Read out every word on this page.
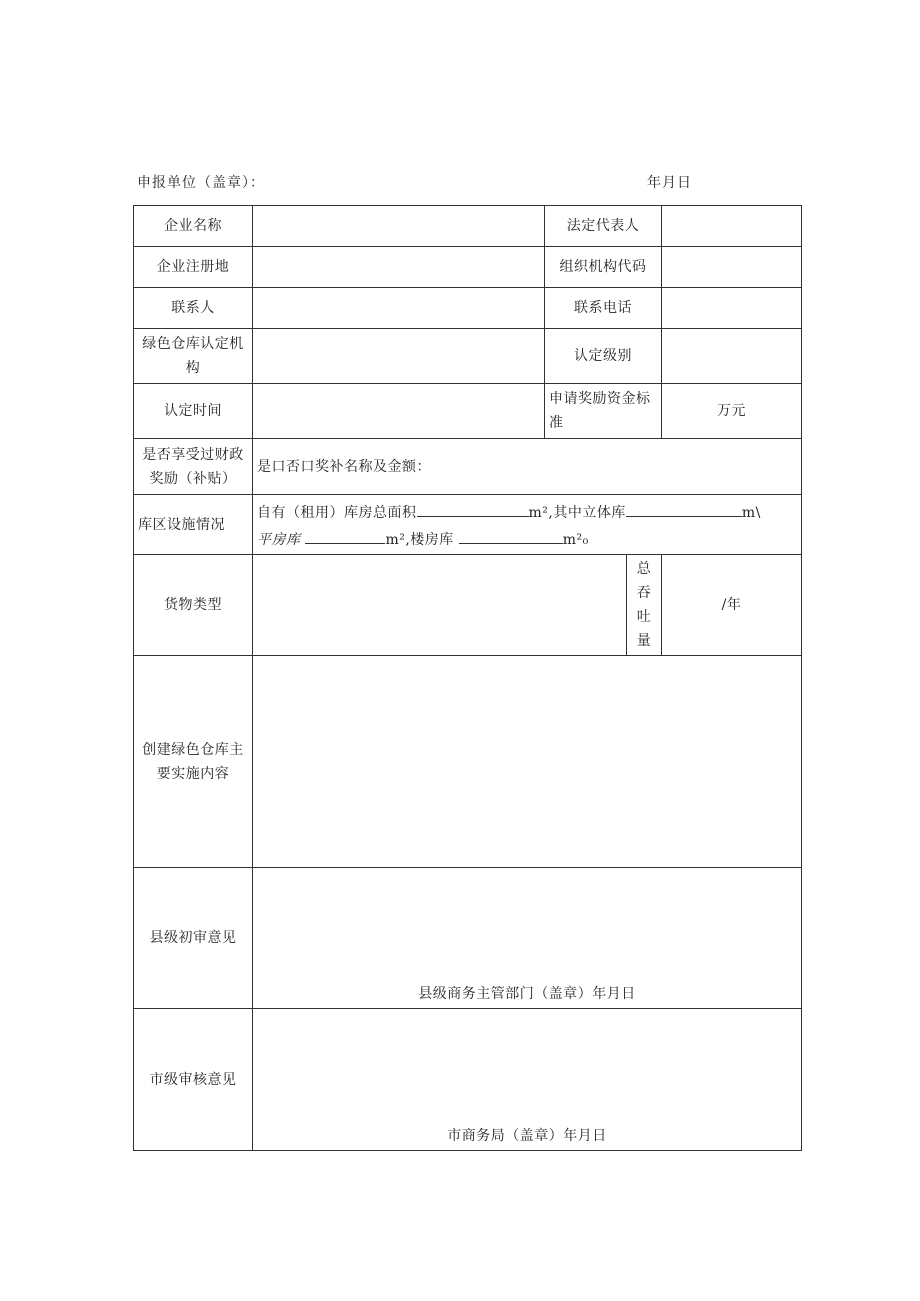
申报单位（盖章）：	年月日
企业名称		法定代表人		
企业注册地		组织机构代码		
联系人		联系电话		
绿色仓库认定机构		认定级别		
认定时间		申请奖励资金标准		万元
是否享受过财政奖励（补贴）	是口否口奖补名称及金额：			
库区设施情况	自有（租用）库房总面积 m²,其中立体库 m\
平房库 m²,楼房库 m²₀			

货物类型			总吞吐量	/年
创建绿色仓库主要实施内容				
县级初审意见	县级商务主管部门（盖章）年月日			
市级审核意见	市商务局（盖章）年月日			
